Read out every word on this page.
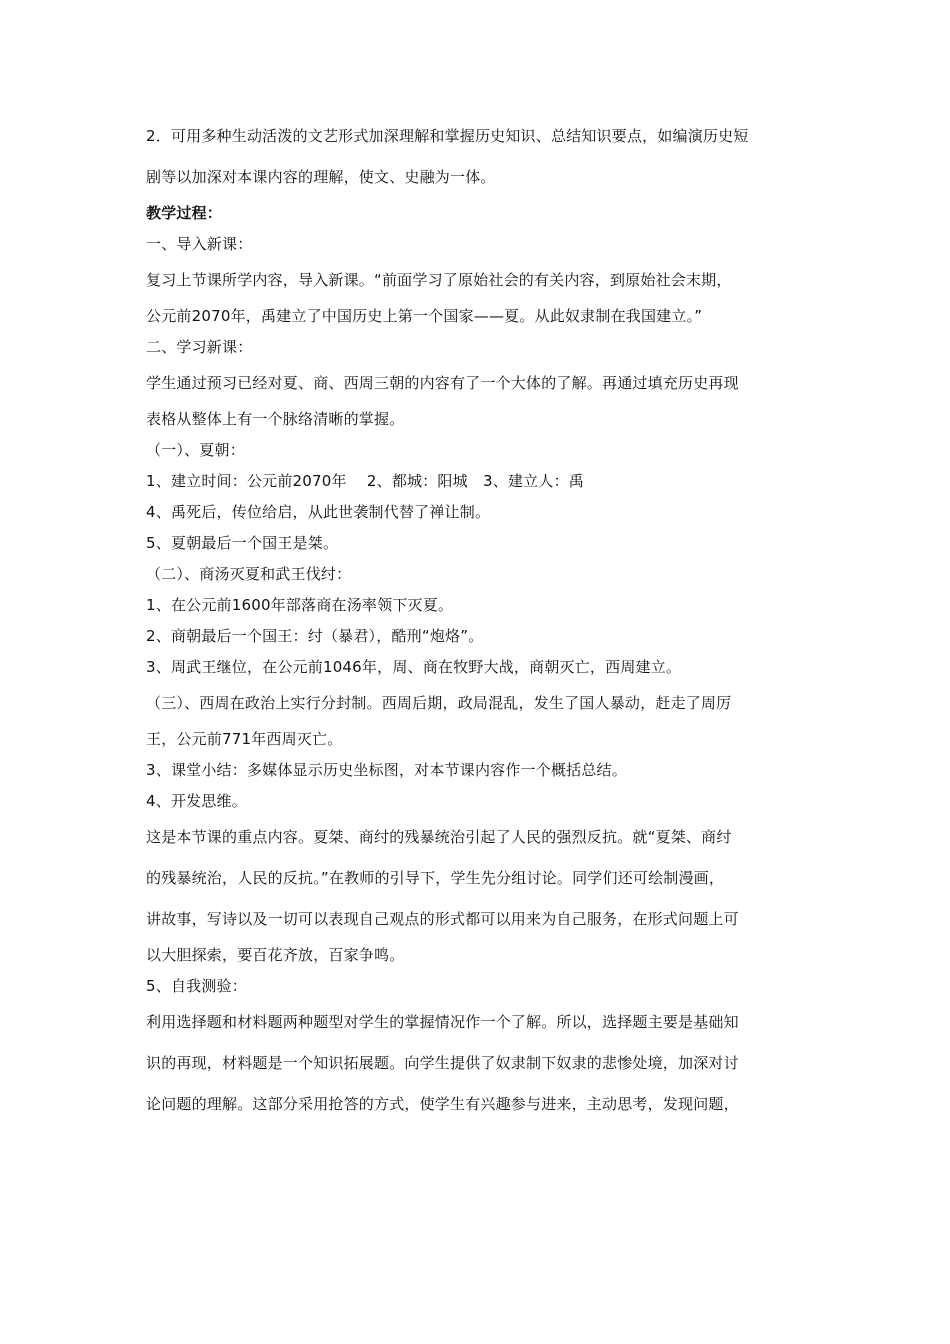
2．可用多种生动活泼的文艺形式加深理解和掌握历史知识、总结知识要点，如编演历史短
剧等以加深对本课内容的理解，使文、史融为一体。
教学过程：
一、导入新课：
复习上节课所学内容，导入新课。“前面学习了原始社会的有关内容，到原始社会末期，
公元前2070年，禹建立了中国历史上第一个国家——夏。从此奴隶制在我国建立。”
二、学习新课：
学生通过预习已经对夏、商、西周三朝的内容有了一个大体的了解。再通过填充历史再现
表格从整体上有一个脉络清晰的掌握。
（一）、夏朝：
1、建立时间：公元前2070年　 2、都城：阳城　3、建立人：禹
4、禹死后，传位给启，从此世袭制代替了禅让制。
5、夏朝最后一个国王是桀。
（二）、商汤灭夏和武王伐纣：
1、在公元前1600年部落商在汤率领下灭夏。
2、商朝最后一个国王：纣（暴君），酷刑“炮烙”。
3、周武王继位，在公元前1046年，周、商在牧野大战，商朝灭亡，西周建立。
（三）、西周在政治上实行分封制。西周后期，政局混乱，发生了国人暴动，赶走了周厉
王，公元前771年西周灭亡。
3、课堂小结：多媒体显示历史坐标图，对本节课内容作一个概括总结。
4、开发思维。
这是本节课的重点内容。夏桀、商纣的残暴统治引起了人民的强烈反抗。就“夏桀、商纣
的残暴统治，人民的反抗。”在教师的引导下，学生先分组讨论。同学们还可绘制漫画，
讲故事，写诗以及一切可以表现自己观点的形式都可以用来为自己服务，在形式问题上可
以大胆探索，要百花齐放，百家争鸣。
5、自我测验：
利用选择题和材料题两种题型对学生的掌握情况作一个了解。所以，选择题主要是基础知
识的再现，材料题是一个知识拓展题。向学生提供了奴隶制下奴隶的悲惨处境，加深对讨
论问题的理解。这部分采用抢答的方式，使学生有兴趣参与进来，主动思考，发现问题，
